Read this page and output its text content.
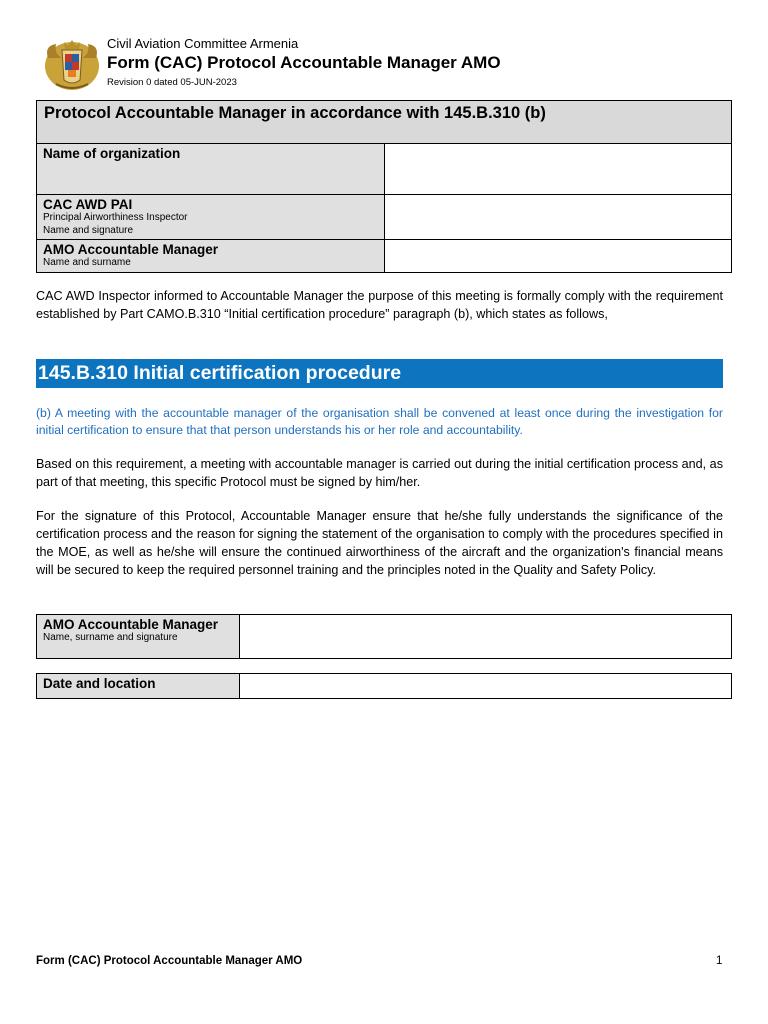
Civil Aviation Committee Armenia
Form (CAC) Protocol Accountable Manager AMO
Revision 0 dated 05-JUN-2023
Protocol Accountable Manager in accordance with 145.B.310 (b)	

Name of organization	

CAC AWD PAI
Principal Airworthiness Inspector
Name and signature	

AMO Accountable Manager
Name and surname	

CAC AWD Inspector informed to Accountable Manager the purpose of this meeting is formally comply with the requirement established by Part CAMO.B.310 “Initial certification procedure” paragraph (b), which states as follows,

145.B.310 Initial certification procedure

(b) A meeting with the accountable manager of the organisation shall be convened at least once during the investigation for initial certification to ensure that that person understands his or her role and accountability.

Based on this requirement, a meeting with accountable manager is carried out during the initial certification process and, as part of that meeting, this specific Protocol must be signed by him/her.

For the signature of this Protocol, Accountable Manager ensure that he/she fully understands the significance of the certification process and the reason for signing the statement of the organisation to comply with the procedures specified in the MOE, as well as he/she will ensure the continued airworthiness of the aircraft and the organization's financial means will be secured to keep the required personnel training and the principles noted in the Quality and Safety Policy.

AMO Accountable Manager
Name, surname and signature

Date and location

Form (CAC) Protocol Accountable Manager AMO	1
